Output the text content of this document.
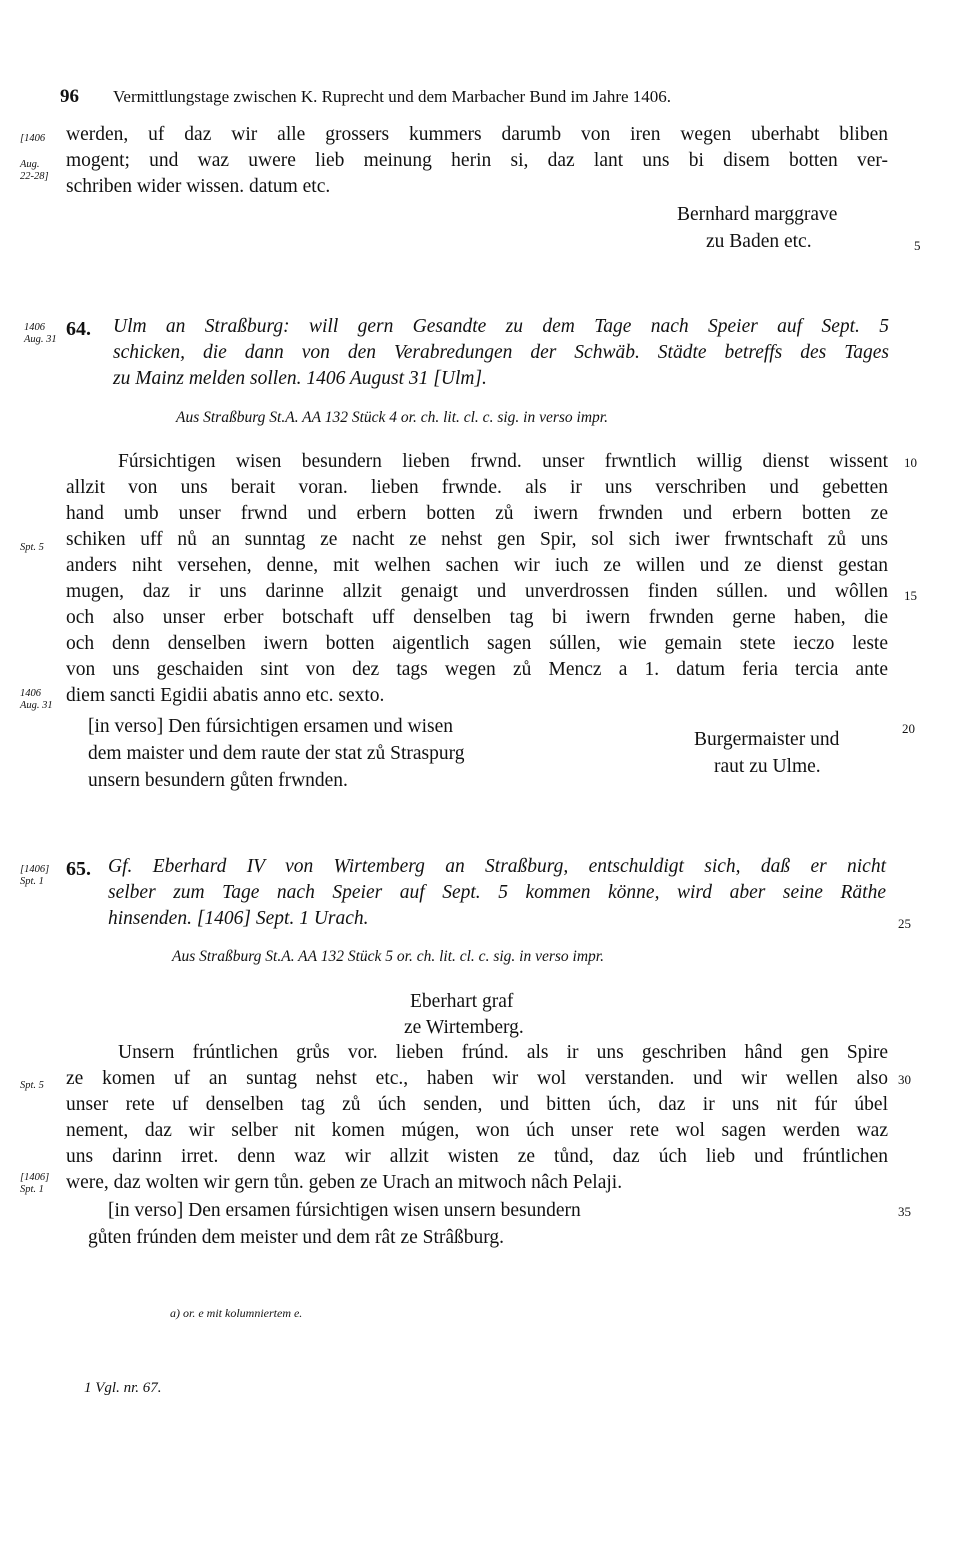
96 Vermittlungstage zwischen K. Ruprecht und dem Marbacher Bund im Jahre 1406.
[1406
Aug.
22-28]
werden, uf daz wir alle grossers kummers darumb von iren wegen uberhabt bliben
mogent; und waz uwere lieb meinung herin si, daz lant uns bi disem botten ver-
schriben wider wissen. datum etc.
Bernhard marggrave
zu Baden etc.	5
10
15
20
25
30
35
1406
Aug. 31 64. Ulm an Straßburg: will gern Gesandte zu dem Tage nach Speier auf Sept. 5
schicken, die dann von den Verabredungen der Schwäb. Städte betreffs des Tages
zu Mainz melden sollen. 1406 August 31 [Ulm].
Aus Straßburg St.A. AA 132 Stück 4 or. ch. lit. cl. c. sig. in verso impr.
Spt. 5
Fúrsichtigen wisen besundern lieben frwnd. unser frwntlich willig dienst wissent
allzit von uns berait voran. lieben frwnde. als ir uns verschriben und gebetten
hand umb unser frwnd und erbern botten zů iwern frwnden und erbern botten ze
schiken uff nů an sunntag ze nacht ze nehst gen Spir, sol sich iwer frwntschaft zů uns
anders niht versehen, denne, mit welhen sachen wir iuch ze willen und ze dienst gestan
mugen, daz ir uns darinne allzit genaigt und unverdrossen finden súllen. und wôllen
och also unser erber botschaft uff denselben tag bi iwern frwnden gerne haben, die
och denn denselben iwern botten aigentlich sagen súllen, wie gemain stete ieczo leste
von uns geschaiden sint von dez tags wegen zů Mencz a 1. datum feria tercia ante
diem sancti Egidii abatis anno etc. sexto.
1406
Aug. 31
[in verso] Den fúrsichtigen ersamen und wisen
dem maister und dem raute der stat zů Straspurg
unsern besundern gůten frwnden.
Burgermaister und
raut zu Ulme.
[1406]
Spt. 1
65. Gf. Eberhard IV von Wirtemberg an Straßburg, entschuldigt sich, daß er nicht
selber zum Tage nach Speier auf Sept. 5 kommen könne, wird aber seine Räthe
hinsenden. [1406] Sept. 1 Urach.
Aus Straßburg St.A. AA 132 Stück 5 or. ch. lit. cl. c. sig. in verso impr.
Eberhart graf
ze Wirtemberg.
Spt. 5
Unsern frúntlichen grůs vor. lieben frúnd. als ir uns geschriben hând gen Spire
ze komen uf an suntag nehst etc., haben wir wol verstanden. und wir wellen also
unser rete uf denselben tag zů úch senden, und bitten úch, daz ir uns nit fúr úbel
nement, daz wir selber nit komen múgen, won úch unser rete wol sagen werden waz
uns darinn irret. denn waz wir allzit wisten ze tůnd, daz úch lieb und frúntlichen
were, daz wolten wir gern tůn. geben ze Urach an mitwoch nâch Pelaji.
[1406]
Spt. 1
[in verso] Den ersamen fúrsichtigen wisen unsern besundern
gůten frúnden dem meister und dem rât ze Strâßburg.
a) or. e mit kolumniertem e.
1 Vgl. nr. 67.
